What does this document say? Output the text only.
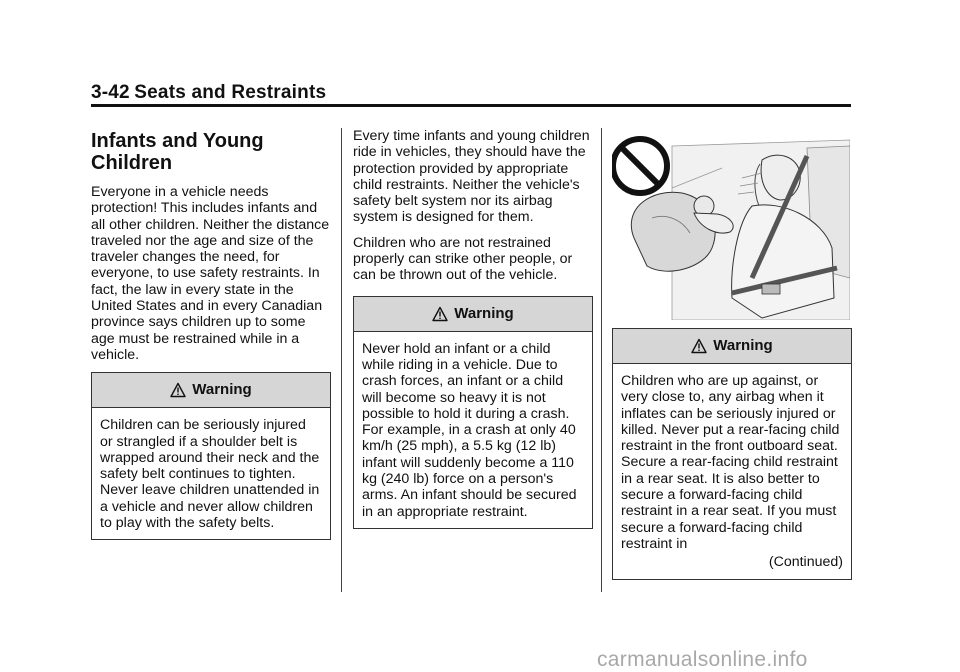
3-42 Seats and Restraints
Infants and Young Children

Everyone in a vehicle needs protection! This includes infants and all other children. Neither the distance traveled nor the age and size of the traveler changes the need, for everyone, to use safety restraints. In fact, the law in every state in the United States and in every Canadian province says children up to some age must be restrained while in a vehicle.

Warning
Children can be seriously injured or strangled if a shoulder belt is wrapped around their neck and the safety belt continues to tighten. Never leave children unattended in a vehicle and never allow children to play with the safety belts.

Every time infants and young children ride in vehicles, they should have the protection provided by appropriate child restraints. Neither the vehicle's safety belt system nor its airbag system is designed for them.

Children who are not restrained properly can strike other people, or can be thrown out of the vehicle.

Warning
Never hold an infant or a child while riding in a vehicle. Due to crash forces, an infant or a child will become so heavy it is not possible to hold it during a crash. For example, in a crash at only 40 km/h (25 mph), a 5.5 kg (12 lb) infant will suddenly become a 110 kg (240 lb) force on a person's arms. An infant should be secured in an appropriate restraint.
Warning
Children who are up against, or very close to, any airbag when it inflates can be seriously injured or killed. Never put a rear-facing child restraint in the front outboard seat. Secure a rear-facing child restraint in a rear seat. It is also better to secure a forward-facing child restraint in a rear seat. If you must secure a forward-facing child restraint in
(Continued)
carmanualsonline.info
